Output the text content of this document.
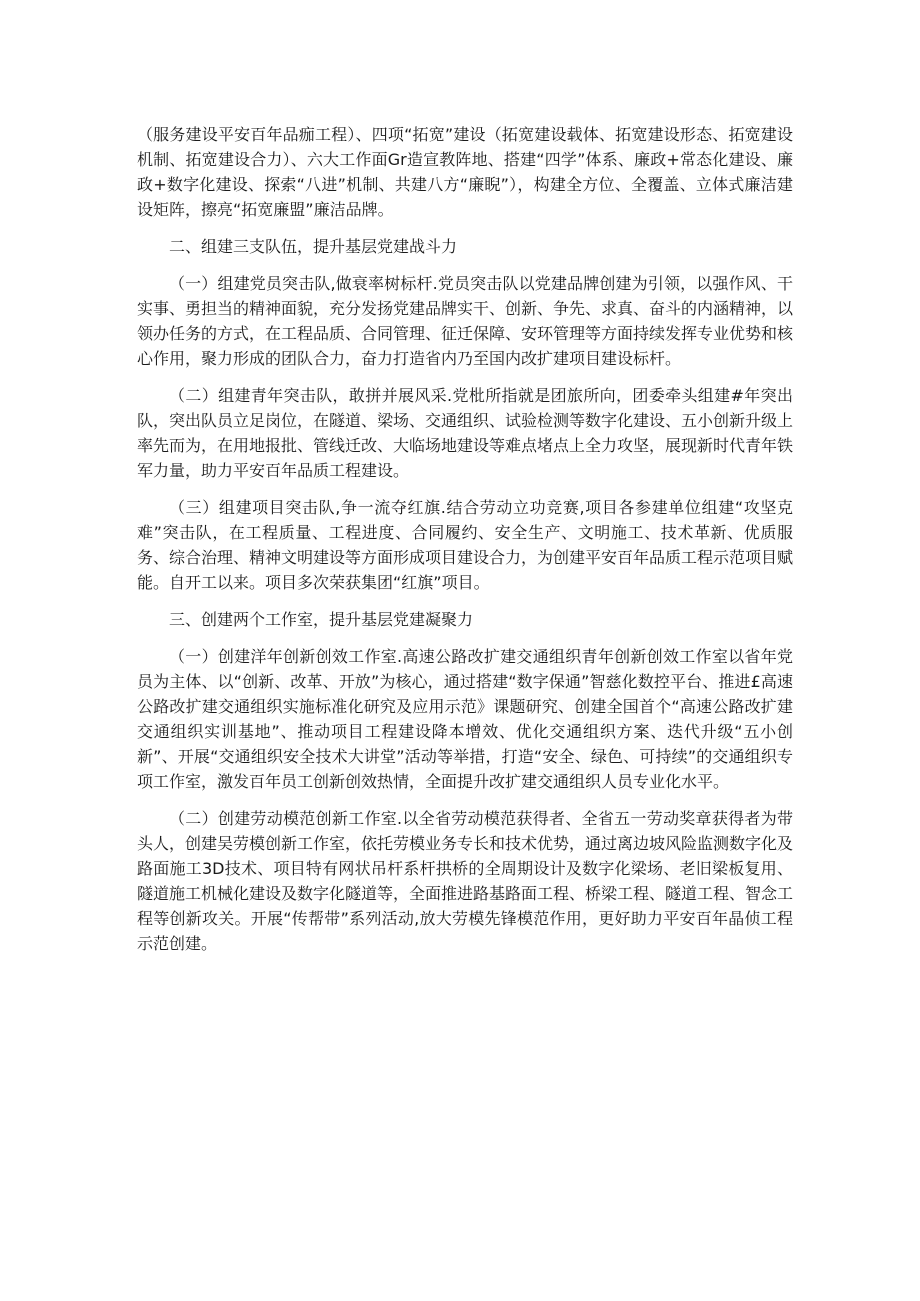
（服务建设平安百年品痂工程）、四项“拓宽”建设（拓宽建设载体、拓宽建设形态、拓宽建设机制、拓宽建设合力）、六大工作面Gr造宣教阵地、搭建“四学”体系、廉政+常态化建设、廉政+数字化建设、探索“八进”机制、共建八方“廉睨”），构建全方位、全覆盖、立体式廉洁建设矩阵，擦亮“拓宽廉盟”廉洁品牌。

二、组建三支队伍，提升基层党建战斗力

（一）组建党员突击队,做衰率树标杆.党员突击队以党建品牌创建为引领，以强作风、干实事、勇担当的精神面貌，充分发扬党建品牌实干、创新、争先、求真、奋斗的内涵精神，以领办任务的方式，在工程品质、合同管理、征迁保障、安环管理等方面持续发挥专业优势和核心作用，聚力形成的团队合力，奋力打造省内乃至国内改扩建项目建设标杆。

（二）组建青年突击队，敢拼并展风采.党枇所指就是团旅所向，团委牵头组建#年突出队，突出队员立足岗位，在隧道、梁场、交通组织、试验检测等数字化建设、五小创新升级上率先而为，在用地报批、管线迁改、大临场地建设等难点堵点上全力攻坚，展现新时代青年铁军力量，助力平安百年品质工程建设。

（三）组建项目突击队,争一流夺红旗.结合劳动立功竞赛,项目各参建单位组建“攻坚克难”突击队，在工程质量、工程进度、合同履约、安全生产、文明施工、技术革新、优质服务、综合治理、精神文明建设等方面形成项目建设合力，为创建平安百年品质工程示范项目赋能。自开工以来。项目多次荣获集团“红旗”项目。

三、创建两个工作室，提升基层党建凝聚力

（一）创建洋年创新创效工作室.高速公路改扩建交通组织青年创新创效工作室以省年党员为主体、以“创新、改革、开放”为核心，通过搭建“数字保通”智慈化数控平台、推进£高速公路改扩建交通组织实施标准化研究及应用示范》课题研究、创建全国首个“高速公路改扩建交通组织实训基地”、推动项目工程建设降本增效、优化交通组织方案、迭代升级“五小创新”、开展“交通组织安全技术大讲堂”活动等举措，打造“安全、绿色、可持续”的交通组织专项工作室，激发百年员工创新创效热情，全面提升改扩建交通组织人员专业化水平。

（二）创建劳动模范创新工作室.以全省劳动模范获得者、全省五一劳动奖章获得者为带头人，创建吴劳模创新工作室，依托劳模业务专长和技术优势，通过离边坡风险监测数字化及路面施工3D技术、项目特有网状吊杆系杆拱桥的全周期设计及数字化梁场、老旧梁板复用、隧道施工机械化建设及数字化隧道等，全面推进路基路面工程、桥梁工程、隧道工程、智念工程等创新攻关。开展“传帮带”系列活动,放大劳模先锋模范作用，更好助力平安百年晶侦工程示范创建。
